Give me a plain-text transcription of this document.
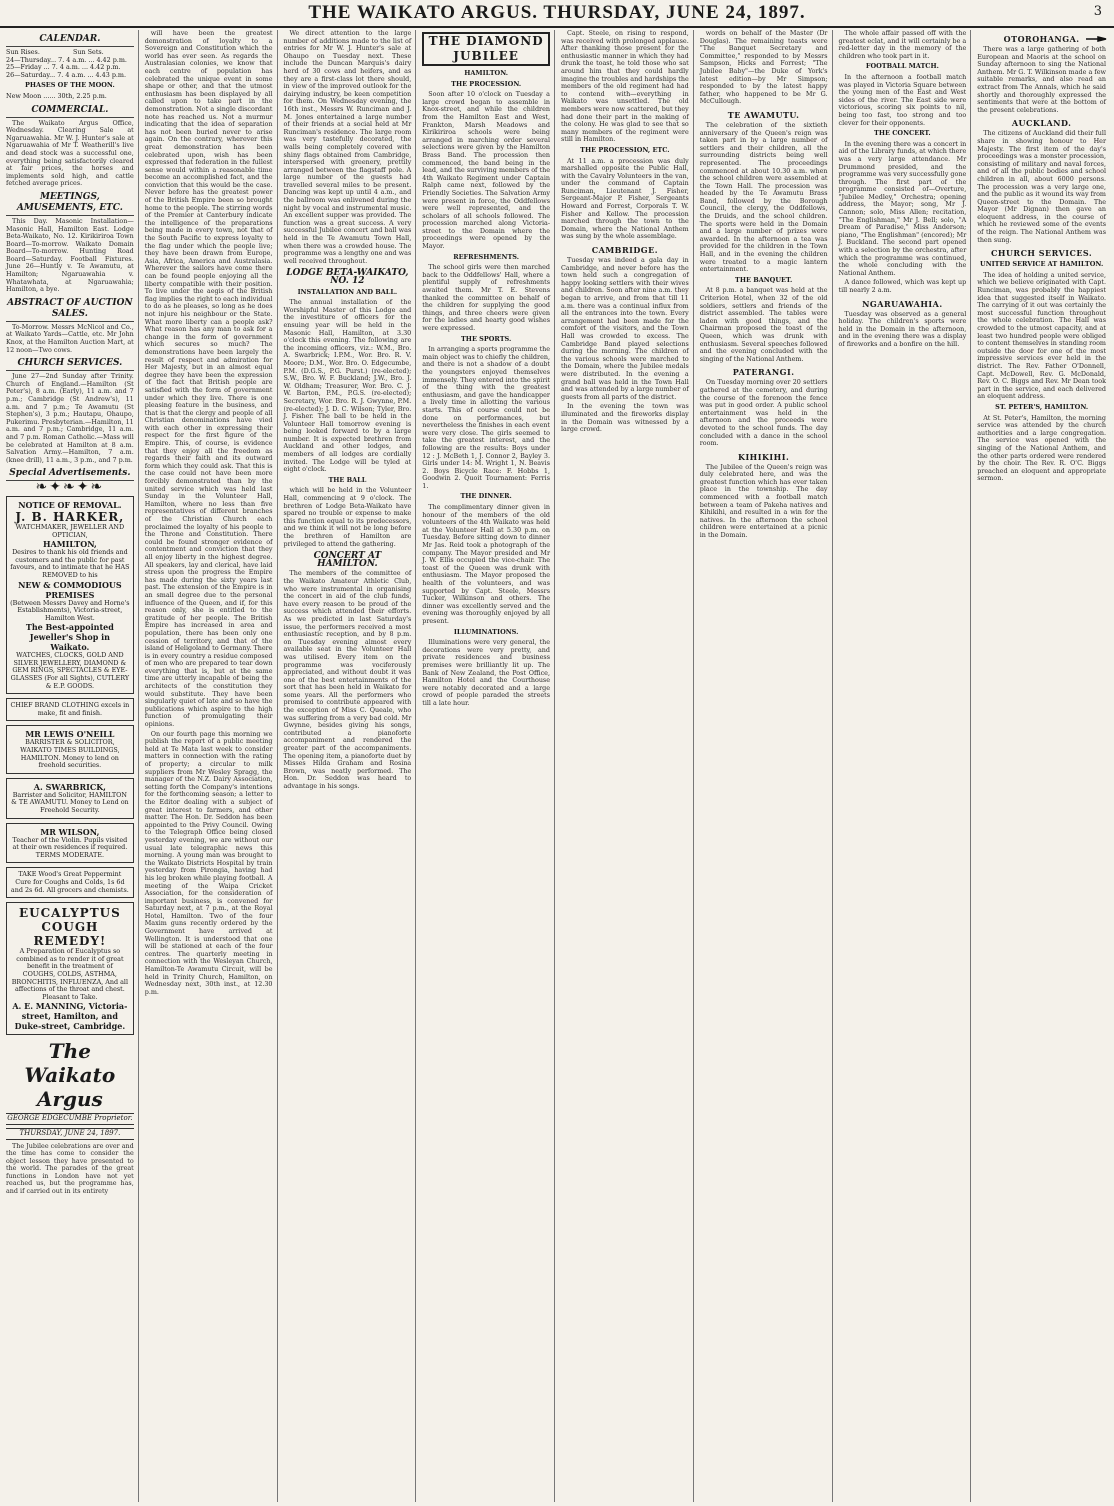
THE WAIKATO ARGUS. THURSDAY, JUNE 24, 1897.	3
CALENDAR.
	Sun Rises.	Sun Sets.
24—Thursday... 7. 4 a.m. ... 4.42 p.m.
25—Friday ... 7. 4 a.m. ... 4.42 p.m.
26—Saturday... 7. 4 a.m. ... 4.43 p.m.
PHASES OF THE MOON.
New Moon ...... 30th, 2.25 p.m.
COMMERCIAL.

The Waikato Argus Office, Wednesday. Clearing Sale at Ngaruawahia. Mr W. J. Hunter's sale at Ngaruawahia of Mr T. Weatherill's live and dead stock was a successful one, everything being satisfactorily cleared at fair prices, the horses and implements sold high, and cattle fetched average prices.

MEETINGS, AMUSEMENTS, ETC.

This Day. Masonic Installation—Masonic Hall, Hamilton East. Lodge Beta-Waikato, No. 12. Kirikiriroa Town Board—To-morrow. Waikato Domain Board—To-morrow. Hunting Road Board—Saturday. Football Fixtures. June 26—Huntly v. Te Awamutu, at Hamilton; Ngaruawahia v. Whatawhata, at Ngaruawahia; Hamilton, a bye.

ABSTRACT OF AUCTION SALES.

To-Morrow. Messrs McNicol and Co., at Waikato Yards—Cattle, etc. Mr John Knox, at the Hamilton Auction Mart, at 12 noon—Two cows.

CHURCH SERVICES.

June 27—2nd Sunday after Trinity. Church of England.—Hamilton (St Peter's), 8 a.m. (Early), 11 a.m. and 7 p.m.; Cambridge (St Andrew's), 11 a.m. and 7 p.m.; Te Awamutu (St Stephen's), 3 p.m.; Hautapu, Ohaupo, Pukerimu. Presbyterian.—Hamilton, 11 a.m. and 7 p.m.; Cambridge, 11 a.m. and 7 p.m. Roman Catholic.—Mass will be celebrated at Hamilton at 8 a.m. Salvation Army.—Hamilton, 7 a.m. (knee drill), 11 a.m., 3 p.m., and 7 p.m.

Special Advertisements.
❧✦❧✦❧
NOTICE OF REMOVAL.
J. B. HARKER,
WATCHMAKER, JEWELLER AND OPTICIAN,
HAMILTON,
Desires to thank his old friends and customers and the public for past favours, and to intimate that he HAS REMOVED to his
NEW & COMMODIOUS PREMISES
(Between Messrs Davey and Horne's Establishments), Victoria-street, Hamilton West.
The Best-appointed Jeweller's Shop in Waikato.
WATCHES, CLOCKS, GOLD AND SILVER JEWELLERY, DIAMOND & GEM RINGS, SPECTACLES & EYE-GLASSES (For all Sights), CUTLERY & E.P. GOODS.
CHIEF BRAND CLOTHING excels in make, fit and finish.
MR LEWIS O'NEILL
BARRISTER & SOLICITOR, WAIKATO TIMES BUILDINGS, HAMILTON. Money to lend on freehold securities.
A. SWARBRICK,
Barrister and Solicitor, HAMILTON & TE AWAMUTU. Money to Lend on Freehold Security.
MR WILSON,
Teacher of the Violin. Pupils visited at their own residences if required. TERMS MODERATE.
TAKE Wood's Great Peppermint Cure for Coughs and Colds, 1s 6d and 2s 6d. All grocers and chemists.
EUCALYPTUS COUGH REMEDY!
A Preparation of Eucalyptus so combined as to render it of great benefit in the treatment of COUGHS, COLDS, ASTHMA, BRONCHITIS, INFLUENZA, And all affections of the throat and chest. Pleasant to Take.
A. E. MANNING, Victoria-street, Hamilton, and Duke-street, Cambridge.
The Waikato Argus
GEORGE EDGECUMBE Proprietor.
THURSDAY, JUNE 24, 1897.

The Jubilee celebrations are over and the time has come to consider the object lesson they have presented to the world. The parades of the great functions in London have not yet reached us, but the programme has, and if carried out in its entirety

will have been the greatest demonstration of loyalty to a Sovereign and Constitution which the world has ever seen. As regards the Australasian colonies, we know that each centre of population has celebrated the unique event in some shape or other, and that the utmost enthusiasm has been displayed by all called upon to take part in the demonstration. Not a single discordant note has reached us. Not a murmur indicating that the idea of separation has not been buried never to arise again. On the contrary, wherever this great demonstration has been celebrated upon, wish has been expressed that federation in the fullest sense would within a reasonable time become an accomplished fact, and the conviction that this would be the case. Never before has the greatest power of the British Empire been so brought home to the people. The stirring words of the Premier at Canterbury indicate the intelligence of the preparations being made in every town, not that of the South Pacific to express loyalty to the flag under which the people live; they have been drawn from Europe, Asia, Africa, America and Australasia. Wherever the sailors have come there can be found people enjoying all the liberty compatible with their position. To live under the aegis of the British flag implies the right to each individual to do as he pleases, so long as he does not injure his neighbour or the State. What more liberty can a people ask? What reason has any man to ask for a change in the form of government which secures so much? The demonstrations have been largely the result of respect and admiration for Her Majesty, but in an almost equal degree they have been the expression of the fact that British people are satisfied with the form of government under which they live. There is one pleasing feature in the business, and that is that the clergy and people of all Christian denominations have vied with each other in expressing their respect for the first figure of the Empire. This, of course, is evidence that they enjoy all the freedom as regards their faith and its outward form which they could ask. That this is the case could not have been more forcibly demonstrated than by the united service which was held last Sunday in the Volunteer Hall, Hamilton, where no less than five representatives of different branches of the Christian Church each proclaimed the loyalty of his people to the Throne and Constitution. There could be found stronger evidence of contentment and conviction that they all enjoy liberty in the highest degree. All speakers, lay and clerical, have laid stress upon the progress the Empire has made during the sixty years last past. The extension of the Empire is in an small degree due to the personal influence of the Queen, and if, for this reason only, she is entitled to the gratitude of her people. The British Empire has increased in area and population, there has been only one cession of territory, and that of the island of Heligoland to Germany. There is in every country a residue composed of men who are prepared to tear down everything that is, but at the same time are utterly incapable of being the architects of the constitution they would substitute. They have been singularly quiet of late and so have the publications which aspire to the high function of promulgating their opinions.

On our fourth page this morning we publish the report of a public meeting held at Te Mata last week to consider matters in connection with the rating of property; a circular to milk suppliers from Mr Wesley Spragg, the manager of the N.Z. Dairy Association, setting forth the Company's intentions for the forthcoming season; a letter to the Editor dealing with a subject of great interest to farmers, and other matter. The Hon. Dr. Seddon has been appointed to the Privy Council. Owing to the Telegraph Office being closed yesterday evening, we are without our usual late telegraphic news this morning. A young man was brought to the Waikato Districts Hospital by train yesterday from Pirongia, having had his leg broken while playing football. A meeting of the Waipa Cricket Association, for the consideration of important business, is convened for Saturday next, at 7 p.m., at the Royal Hotel, Hamilton. Two of the four Maxim guns recently ordered by the Government have arrived at Wellington. It is understood that one will be stationed at each of the four centres. The quarterly meeting in connection with the Wesleyan Church, Hamilton-Te Awamutu Circuit, will be held in Trinity Church, Hamilton, on Wednesday next, 30th inst., at 12.30 p.m.

We direct attention to the large number of additions made to the list of entries for Mr W. J. Hunter's sale at Ohaupo on Tuesday next. These include the Duncan Marquis's dairy herd of 30 cows and heifers, and as they are a first-class lot there should, in view of the improved outlook for the dairying industry, be keen competition for them. On Wednesday evening, the 16th inst., Messrs W. Runciman and J. M. Jones entertained a large number of their friends at a social held at Mr Runciman's residence. The large room was very tastefully decorated, the walls being completely covered with shiny flags obtained from Cambridge, interspersed with greenery, prettily arranged between the flagstaff pole. A large number of the guests had travelled several miles to be present. Dancing was kept up until 4 a.m., and the ballroom was enlivened during the night by vocal and instrumental music. An excellent supper was provided. The function was a great success. A very successful Jubilee concert and ball was held in the Te Awamutu Town Hall, when there was a crowded house. The programme was a lengthy one and was well received throughout.

LODGE BETA-WAIKATO, NO. 12
INSTALLATION AND BALL.

The annual installation of the Worshipful Master of this Lodge and the investiture of officers for the ensuing year will be held in the Masonic Hall, Hamilton, at 3.30 o'clock this evening. The following are the incoming officers, viz.: W.M., Bro. A. Swarbrick; I.P.M., Wor. Bro. R. V. Moore; D.M., Wor. Bro. O. Edgecumbe, P.M. (D.G.S., P.G. Purst.) (re-elected); S.W., Bro. W. F. Buckland; J.W., Bro. J. W. Oldham; Treasurer, Wor. Bro. C. J. W. Barton, P.M., P.G.S. (re-elected); Secretary, Wor. Bro. R. J. Gwynne, P.M. (re-elected); J. D. C. Wilson; Tyler, Bro. J. Fisher. The ball to be held in the Volunteer Hall tomorrow evening is being looked forward to by a large number. It is expected brethren from Auckland and other lodges, and members of all lodges are cordially invited. The Lodge will be tyled at eight o'clock.

THE BALL

which will be held in the Volunteer Hall, commencing at 9 o'clock. The brethren of Lodge Beta-Waikato have spared no trouble or expense to make this function equal to its predecessors, and we think it will not be long before the brethren of Hamilton are privileged to attend the gathering.

CONCERT AT HAMILTON.

The members of the committee of the Waikato Amateur Athletic Club, who were instrumental in organising the concert in aid of the club funds, have every reason to be proud of the success which attended their efforts. As we predicted in last Saturday's issue, the performers received a most enthusiastic reception, and by 8 p.m. on Tuesday evening almost every available seat in the Volunteer Hall was utilised. Every item on the programme was vociferously appreciated, and without doubt it was one of the best entertainments of the sort that has been held in Waikato for some years. All the performers who promised to contribute appeared with the exception of Miss C. Queale, who was suffering from a very bad cold. Mr Gwynne, besides giving his songs, contributed a pianoforte accompaniment and rendered the greater part of the accompaniments. The opening item, a pianoforte duet by Misses Hilda Graham and Rosina Brown, was neatly performed. The Hon. Dr. Seddon was heard to advantage in his songs.

THE DIAMOND JUBILEE
HAMILTON.
THE PROCESSION.

Soon after 10 o'clock on Tuesday a large crowd began to assemble in Knox-street, and while the children from the Hamilton East and West, Frankton, Marsh Meadows and Kirikiriroa schools were being arranged in marching order several selections were given by the Hamilton Brass Band. The procession then commenced, the band being in the lead, and the surviving members of the 4th Waikato Regiment under Captain Ralph came next, followed by the Friendly Societies. The Salvation Army were present in force, the Oddfellows were well represented, and the scholars of all schools followed. The procession marched along Victoria-street to the Domain where the proceedings were opened by the Mayor.

REFRESHMENTS.

The school girls were then marched back to the Oddfellows' Hall, where a plentiful supply of refreshments awaited them. Mr T. E. Stevens thanked the committee on behalf of the children for supplying the good things, and three cheers were given for the ladies and hearty good wishes were expressed.

THE SPORTS.

In arranging a sports programme the main object was to chiefly the children, and there is not a shadow of a doubt the youngsters enjoyed themselves immensely. They entered into the spirit of the thing with the greatest enthusiasm, and gave the handicapper a lively time in allotting the various starts. This of course could not be done on performances, but nevertheless the finishes in each event were very close. The girls seemed to take the greatest interest, and the following are the results: Boys under 12 : J. McBeth 1, J. Connor 2, Bayley 3. Girls under 14: M. Wright 1, N. Beavis 2. Boys Bicycle Race: F. Hobbs 1, Goodwin 2. Quoit Tournament: Ferris 1.

THE DINNER.

The complimentary dinner given in honour of the members of the old volunteers of the 4th Waikato was held at the Volunteer Hall at 5.30 p.m. on Tuesday. Before sitting down to dinner Mr Jas. Reid took a photograph of the company. The Mayor presided and Mr J. W. Ellis occupied the vice-chair. The toast of the Queen was drunk with enthusiasm. The Mayor proposed the health of the volunteers, and was supported by Capt. Steele, Messrs Tucker, Wilkinson and others. The dinner was excellently served and the evening was thoroughly enjoyed by all present.

ILLUMINATIONS.

Illuminations were very general, the decorations were very pretty, and private residences and business premises were brilliantly lit up. The Bank of New Zealand, the Post Office, Hamilton Hotel and the Courthouse were notably decorated and a large crowd of people paraded the streets till a late hour.

Capt. Steele, on rising to respond, was received with prolonged applause. After thanking those present for the enthusiastic manner in which they had drunk the toast, he told those who sat around him that they could hardly imagine the troubles and hardships the members of the old regiment had had to contend with—everything in Waikato was unsettled. The old members were now scattered, but they had done their part in the making of the colony. He was glad to see that so many members of the regiment were still in Hamilton.

THE PROCESSION, ETC.

At 11 a.m. a procession was duly marshalled opposite the Public Hall, with the Cavalry Volunteers in the van, under the command of Captain Runciman, Lieutenant J. Fisher, Sergeant-Major P. Fisher, Sergeants Howard and Forrest, Corporals T. W. Fisher and Kellow. The procession marched through the town to the Domain, where the National Anthem was sung by the whole assemblage.

CAMBRIDGE.

Tuesday was indeed a gala day in Cambridge, and never before has the town held such a congregation of happy looking settlers with their wives and children. Soon after nine a.m. they began to arrive, and from that till 11 a.m. there was a continual influx from all the entrances into the town. Every arrangement had been made for the comfort of the visitors, and the Town Hall was crowded to excess. The Cambridge Band played selections during the morning. The children of the various schools were marched to the Domain, where the Jubilee medals were distributed. In the evening a grand ball was held in the Town Hall and was attended by a large number of guests from all parts of the district.

In the evening the town was illuminated and the fireworks display in the Domain was witnessed by a large crowd.

words on behalf of the Master (Dr Douglas). The remaining toasts were "The Banquet Secretary and Committee," responded to by Messrs Sampson, Hicks and Forrest; "The Jubilee Baby"—the Duke of York's latest edition—by Mr Simpson; responded to by the latest happy father, who happened to be Mr G. McCullough.

TE AWAMUTU.

The celebration of the sixtieth anniversary of the Queen's reign was taken part in by a large number of settlers and their children, all the surrounding districts being well represented. The proceedings commenced at about 10.30 a.m. when the school children were assembled at the Town Hall. The procession was headed by the Te Awamutu Brass Band, followed by the Borough Council, the clergy, the Oddfellows, the Druids, and the school children. The sports were held in the Domain and a large number of prizes were awarded. In the afternoon a tea was provided for the children in the Town Hall, and in the evening the children were treated to a magic lantern entertainment.

THE BANQUET.

At 8 p.m. a banquet was held at the Criterion Hotel, when 32 of the old soldiers, settlers and friends of the district assembled. The tables were laden with good things, and the Chairman proposed the toast of the Queen, which was drunk with enthusiasm. Several speeches followed and the evening concluded with the singing of the National Anthem.

PATERANGI.

On Tuesday morning over 20 settlers gathered at the cemetery, and during the course of the forenoon the fence was put in good order. A public school entertainment was held in the afternoon and the proceeds were devoted to the school funds. The day concluded with a dance in the school room.

KIHIKIHI.

The Jubilee of the Queen's reign was duly celebrated here, and was the greatest function which has ever taken place in the township. The day commenced with a football match between a team of Pakeha natives and Kihikihi, and resulted in a win for the natives. In the afternoon the school children were entertained at a picnic in the Domain.

The whole affair passed off with the greatest eclat, and it will certainly be a red-letter day in the memory of the children who took part in it.

FOOTBALL MATCH.

In the afternoon a football match was played in Victoria Square between the young men of the East and West sides of the river. The East side were victorious, scoring six points to nil, being too fast, too strong and too clever for their opponents.

THE CONCERT.

In the evening there was a concert in aid of the Library funds, at which there was a very large attendance. Mr Drummond presided, and the programme was very successfully gone through. The first part of the programme consisted of—Overture, "Jubilee Medley," Orchestra; opening address, the Mayor; song, Mr J. Cannon; solo, Miss Allen; recitation, "The Englishman," Mr J. Bell; solo, "A Dream of Paradise," Miss Anderson; piano, "The Englishman" (encored); Mr J. Buckland. The second part opened with a selection by the orchestra, after which the programme was continued, the whole concluding with the National Anthem.

A dance followed, which was kept up till nearly 2 a.m.

NGARUAWAHIA.

Tuesday was observed as a general holiday. The children's sports were held in the Domain in the afternoon, and in the evening there was a display of fireworks and a bonfire on the hill.

OTOROHANGA.

There was a large gathering of both European and Maoris at the school on Sunday afternoon to sing the National Anthem. Mr G. T. Wilkinson made a few suitable remarks, and also read an extract from The Annals, which he said shortly and thoroughly expressed the sentiments that were at the bottom of the present celebrations.

AUCKLAND.

The citizens of Auckland did their full share in showing honour to Her Majesty. The first item of the day's proceedings was a monster procession, consisting of military and naval forces, and of all the public bodies and school children in all, about 6000 persons. The procession was a very large one, and the public as it wound its way from Queen-street to the Domain. The Mayor (Mr Dignan) then gave an eloquent address, in the course of which he reviewed some of the events of the reign. The National Anthem was then sung.

CHURCH SERVICES.
UNITED SERVICE AT HAMILTON.

The idea of holding a united service, which we believe originated with Capt. Runciman, was probably the happiest idea that suggested itself in Waikato. The carrying of it out was certainly the most successful function throughout the whole celebration. The Hall was crowded to the utmost capacity, and at least two hundred people were obliged to content themselves in standing room outside the door for one of the most impressive services ever held in the district. The Rev. Father O'Donnell, Capt. McDowell, Rev. G. McDonald, Rev. O. C. Biggs and Rev. Mr Dean took part in the service, and each delivered an eloquent address.

ST. PETER'S, HAMILTON.

At St. Peter's, Hamilton, the morning service was attended by the church authorities and a large congregation. The service was opened with the singing of the National Anthem, and the other parts ordered were rendered by the choir. The Rev. R. O'C. Biggs preached an eloquent and appropriate sermon.
